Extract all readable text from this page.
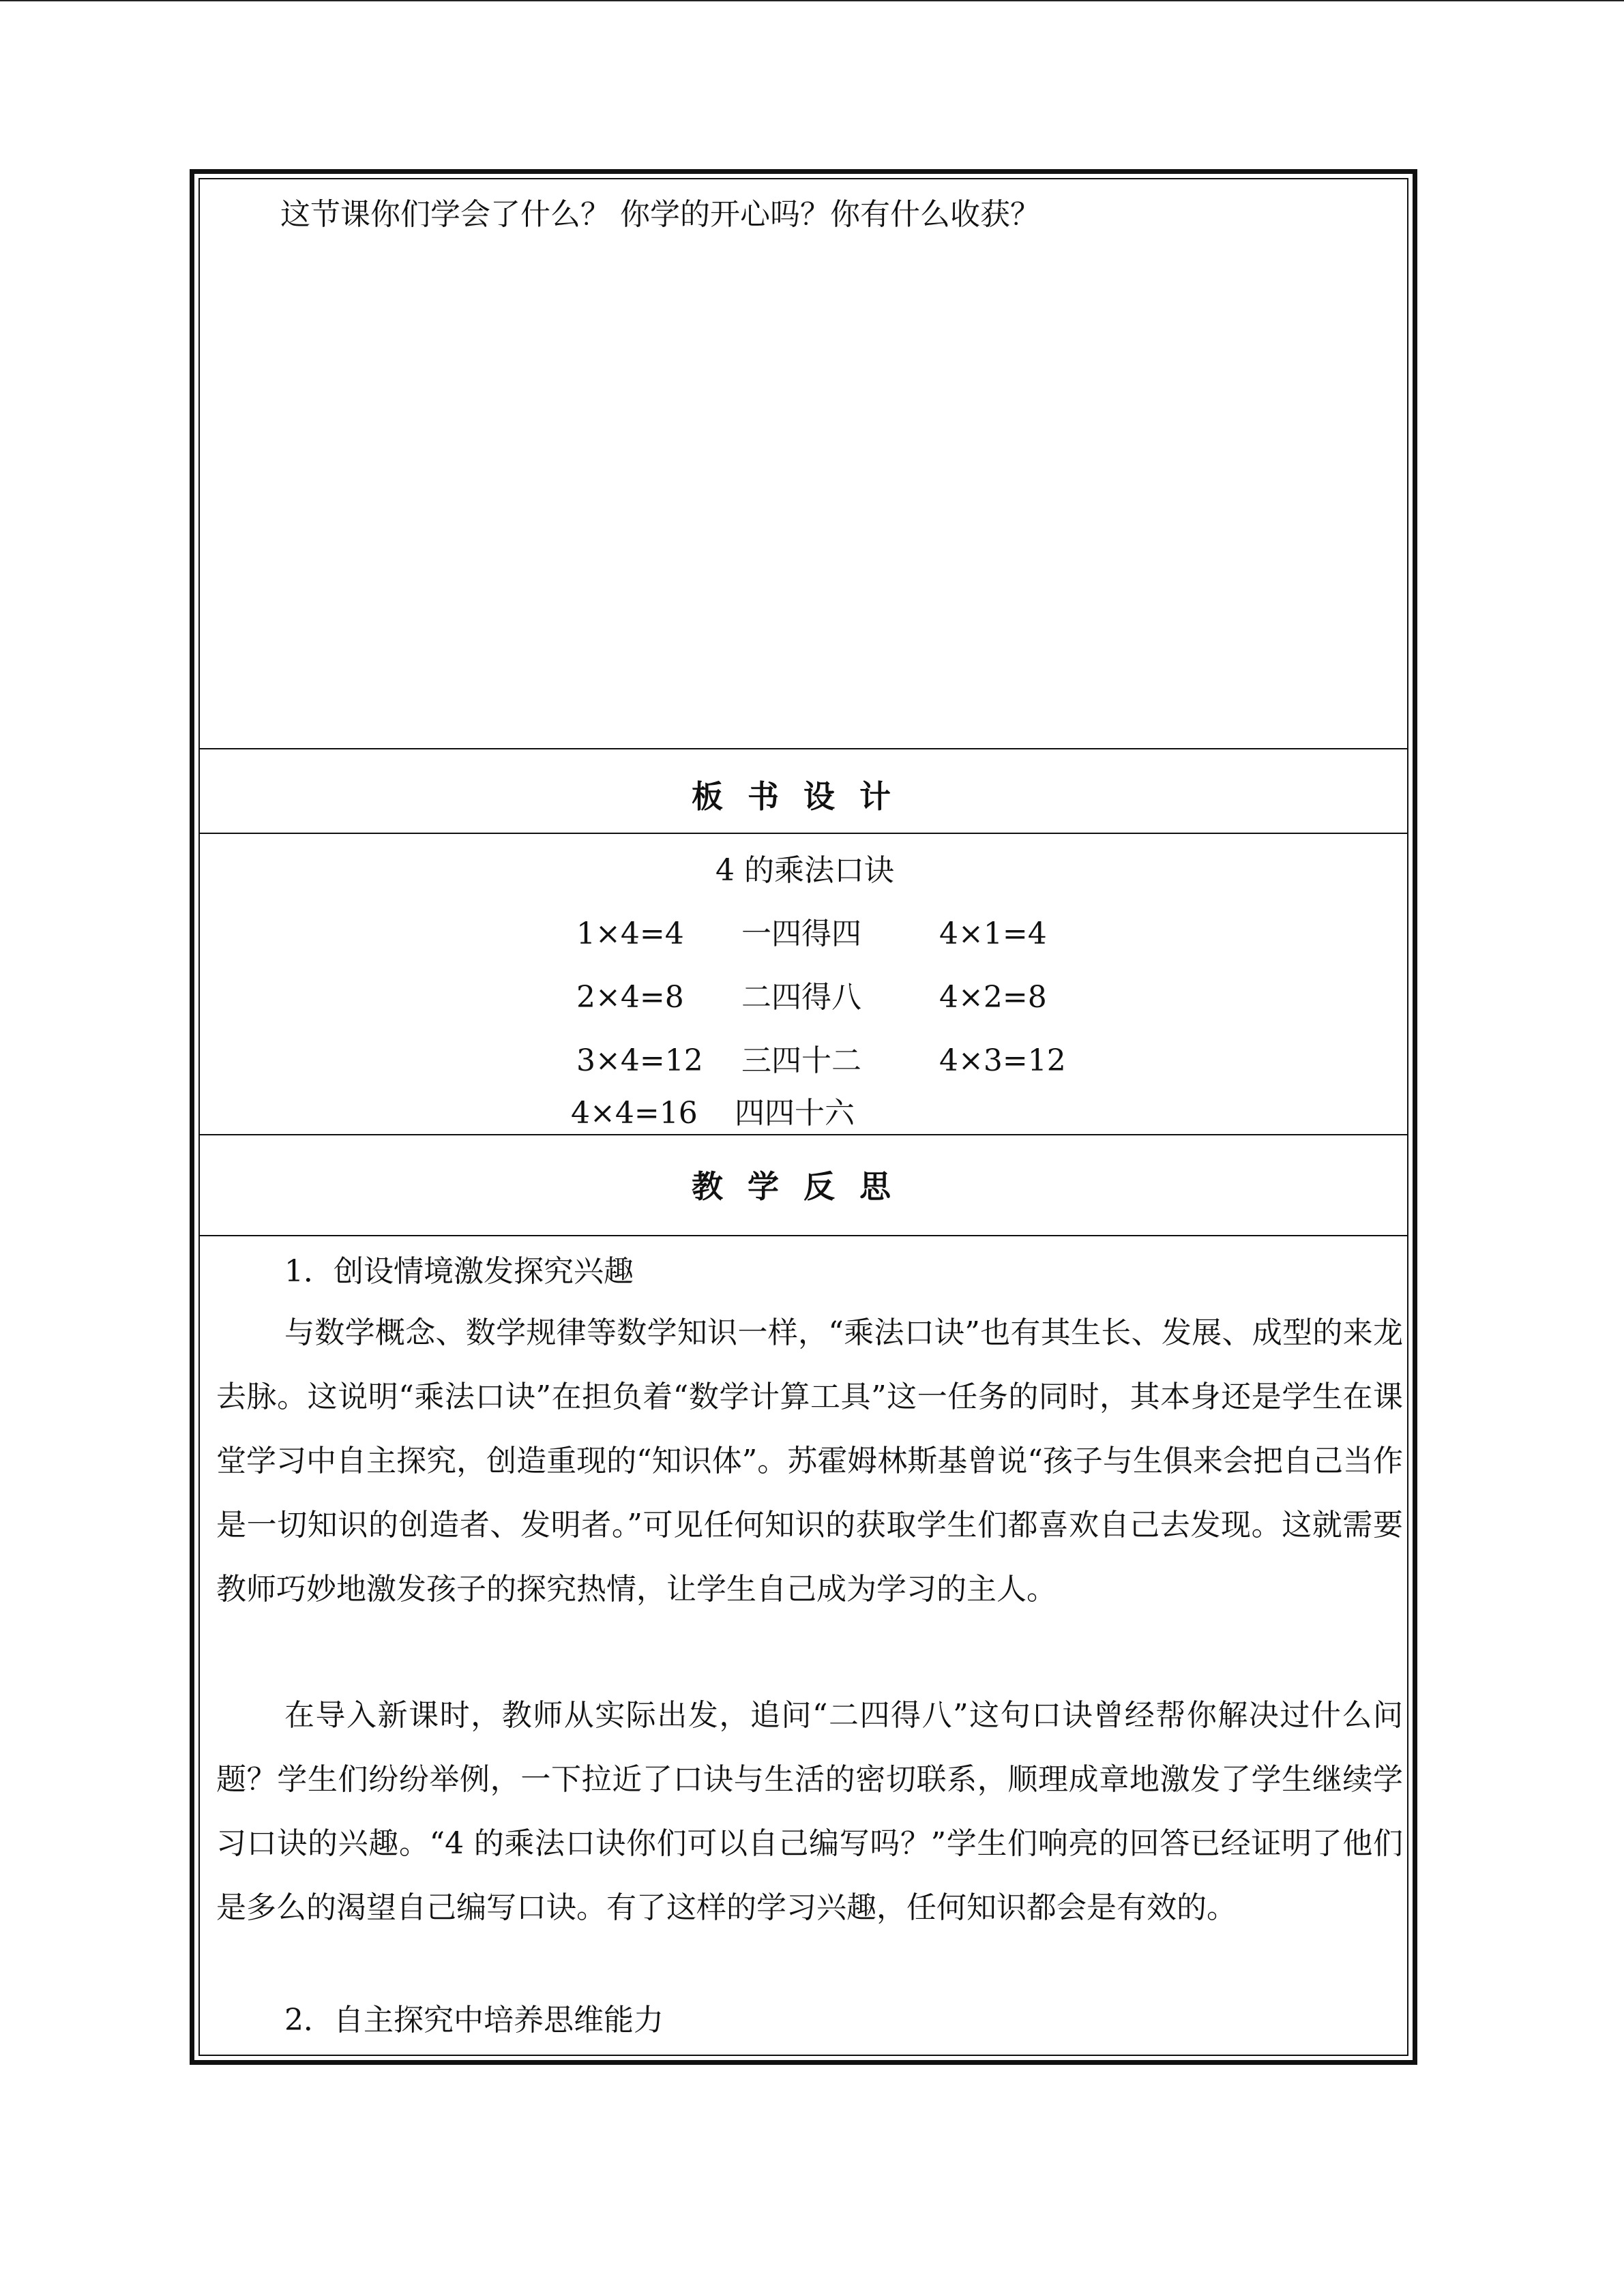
这节课你们学会了什么？ 你学的开心吗？你有什么收获？
板书设计
4 的乘法口诀
1×4=4 一四得四	4×1=4
2×4=8 二四得八	4×2=8
3×4=12 三四十二	4×3=12
4×4=16 四四十六
教学反思
1．创设情境激发探究兴趣
与数学概念、数学规律等数学知识一样，“乘法口诀”也有其生长、发展、成型的来龙去脉。这说明“乘法口诀”在担负着“数学计算工具”这一任务的同时，其本身还是学生在课堂学习中自主探究，创造重现的“知识体”。苏霍姆林斯基曾说“孩子与生俱来会把自己当作是一切知识的创造者、发明者。”可见任何知识的获取学生们都喜欢自己去发现。这就需要教师巧妙地激发孩子的探究热情，让学生自己成为学习的主人。
在导入新课时，教师从实际出发，追问“二四得八”这句口诀曾经帮你解决过什么问题？学生们纷纷举例，一下拉近了口诀与生活的密切联系，顺理成章地激发了学生继续学习口诀的兴趣。“4 的乘法口诀你们可以自己编写吗？”学生们响亮的回答已经证明了他们是多么的渴望自己编写口诀。有了这样的学习兴趣，任何知识都会是有效的。
2．自主探究中培养思维能力
